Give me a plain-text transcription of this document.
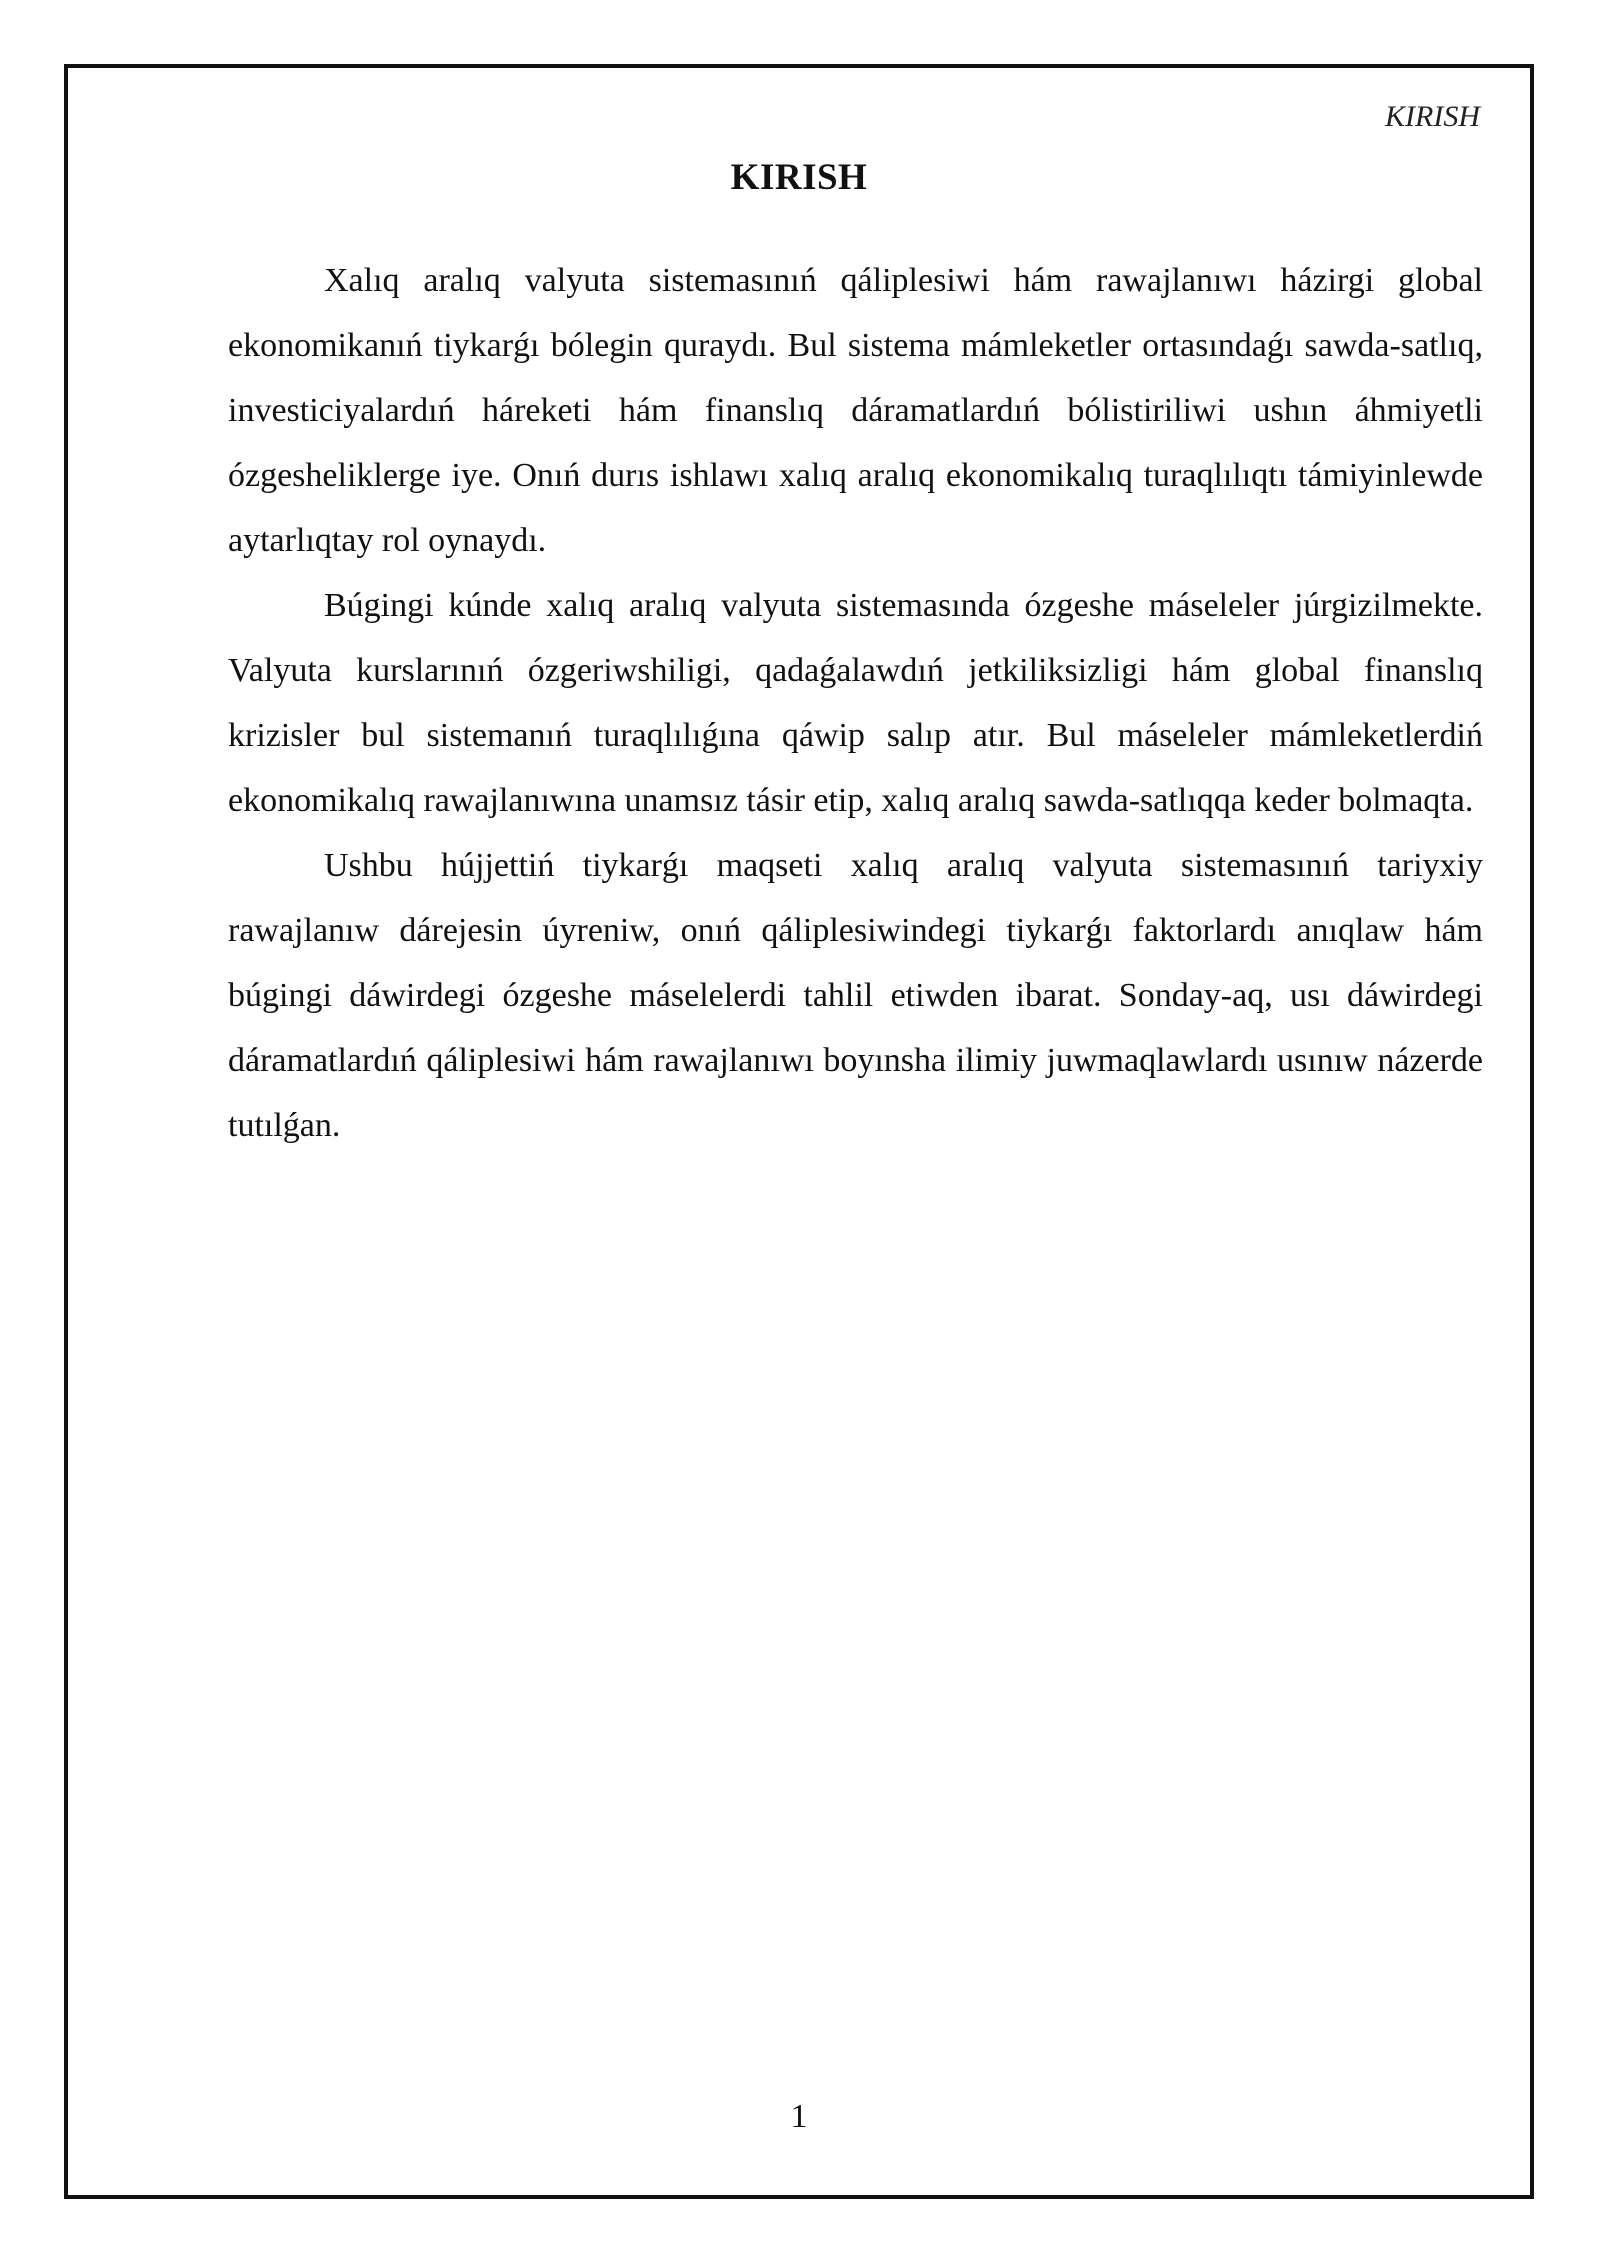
KIRISH
KIRISH

Xalıq aralıq valyuta sistemasınıń qáliplesiwi hám rawajlanıwı házirgi global ekonomikanıń tiykarǵı bólegin quraydı. Bul sistema mámleketler ortasındaǵı sawda-satlıq, investiciyalardıń háreketi hám finanslıq dáramatlardıń bólistiriliwi ushın áhmiyetli ózgesheliklerge iye. Onıń durıs ishlawı xalıq aralıq ekonomikalıq turaqlılıqtı támiyinlewde aytarlıqtay rol oynaydı.

Búgingi kúnde xalıq aralıq valyuta sistemasında ózgeshe máseleler júrgizilmekte. Valyuta kurslarınıń ózgeriwshiligi, qadaǵalawdıń jetkiliksizligi hám global finanslıq krizisler bul sistemanıń turaqlılıǵına qáwip salıp atır. Bul máseleler mámleketlerdiń ekonomikalıq rawajlanıwına unamsız tásir etip, xalıq aralıq sawda-satlıqqa keder bolmaqta.

Ushbu hújjettiń tiykarǵı maqseti xalıq aralıq valyuta sistemasınıń tariyxiy rawajlanıw dárejesin úyreniw, onıń qáliplesiwindegi tiykarǵı faktorlardı anıqlaw hám búgingi dáwirdegi ózgeshe máselelerdi tahlil etiwden ibarat. Sonday-aq, usı dáwirdegi dáramatlardıń qáliplesiwi hám rawajlanıwı boyınsha ilimiy juwmaqlawlardı usınıw názerde tutılǵan.

1
